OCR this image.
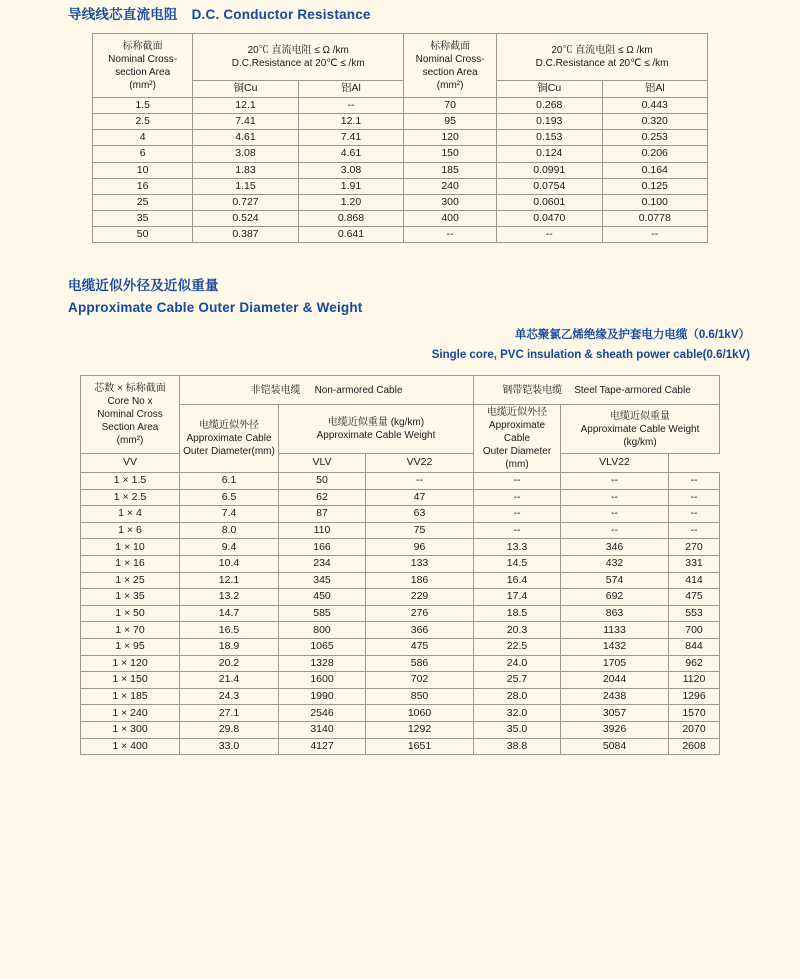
导线线芯直流电阻 D.C. Conductor Resistance
标称截面
Nominal Cross-
section Area
(mm²)	20℃ 直流电阻 ≤ Ω /km
D.C.Resistance at 20℃ ≤ /km		标称截面
Nominal Cross-
section Area
(mm²)	20℃ 直流电阻 ≤ Ω /km
D.C.Resistance at 20℃ ≤ /km	

	铜Cu	铝Al		铜Cu	铝Al
1.5	12.1	--	70	0.268	0.443
2.5	7.41	12.1	95	0.193	0.320
4	4.61	7.41	120	0.153	0.253
6	3.08	4.61	150	0.124	0.206
10	1.83	3.08	185	0.0991	0.164
16	1.15	1.91	240	0.0754	0.125
25	0.727	1.20	300	0.0601	0.100
35	0.524	0.868	400	0.0470	0.0778
50	0.387	0.641	--	--	--
电缆近似外径及近似重量
Approximate Cable Outer Diameter & Weight
单芯聚氯乙烯绝缘及护套电力电缆（0.6/1kV）
Single core, PVC insulation & sheath power cable(0.6/1kV)
芯数 × 标称截面
Core No x
Nominal Cross
Section Area
(mm²)	非铠装电缆 Non-armored Cable			钢带铠装电缆 Steel Tape-armored Cable		

	电缆近似外径
Approximate Cable
Outer Diameter(mm)	电缆近似重量 (kg/km)
Approximate Cable Weight		电缆近似外径
Approximate Cable
Outer Diameter
(mm)	电缆近似重量
Approximate Cable Weight (kg/km)	

VV		VLV	VV22		VLV22	
1 × 1.5	6.1	50	--	--	--	--
1 × 2.5	6.5	62	47	--	--	--
1 × 4	7.4	87	63	--	--	--
1 × 6	8.0	110	75	--	--	--
1 × 10	9.4	166	96	13.3	346	270
1 × 16	10.4	234	133	14.5	432	331
1 × 25	12.1	345	186	16.4	574	414
1 × 35	13.2	450	229	17.4	692	475
1 × 50	14.7	585	276	18.5	863	553
1 × 70	16.5	800	366	20.3	1133	700
1 × 95	18.9	1065	475	22.5	1432	844
1 × 120	20.2	1328	586	24.0	1705	962
1 × 150	21.4	1600	702	25.7	2044	1120
1 × 185	24.3	1990	850	28.0	2438	1296
1 × 240	27.1	2546	1060	32.0	3057	1570
1 × 300	29.8	3140	1292	35.0	3926	2070
1 × 400	33.0	4127	1651	38.8	5084	2608
